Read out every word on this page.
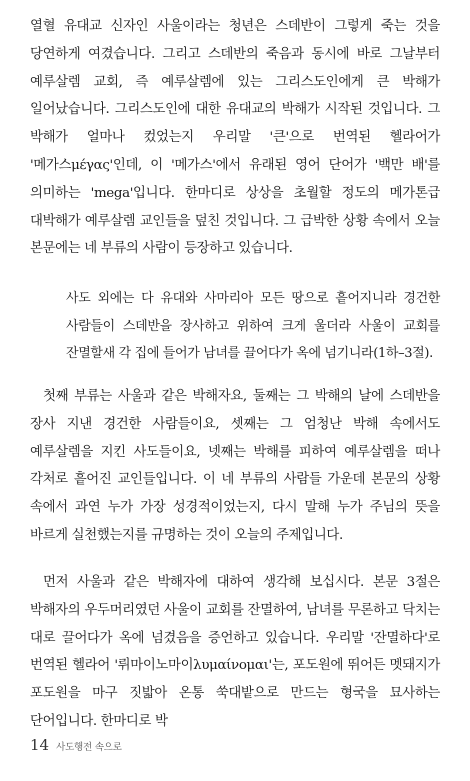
열혈 유대교 신자인 사울이라는 청년은 스데반이 그렇게 죽는 것을 당연하게 여겼습니다. 그리고 스데반의 죽음과 동시에 바로 그날부터 예루살렘 교회, 즉 예루살렘에 있는 그리스도인에게 큰 박해가 일어났습니다. 그리스도인에 대한 유대교의 박해가 시작된 것입니다. 그 박해가 얼마나 컸었는지 우리말 '큰'으로 번역된 헬라어가 '메가스μέγας'인데, 이 '메가스'에서 유래된 영어 단어가 '백만 배'를 의미하는 'mega'입니다. 한마디로 상상을 초월할 정도의 메가톤급 대박해가 예루살렘 교인들을 덮친 것입니다. 그 급박한 상황 속에서 오늘 본문에는 네 부류의 사람이 등장하고 있습니다.

사도 외에는 다 유대와 사마리아 모든 땅으로 흩어지니라 경건한 사람들이 스데반을 장사하고 위하여 크게 울더라 사울이 교회를 잔멸할새 각 집에 들어가 남녀를 끌어다가 옥에 넘기니라(1하–3절).

첫째 부류는 사울과 같은 박해자요, 둘째는 그 박해의 날에 스데반을 장사 지낸 경건한 사람들이요, 셋째는 그 엄청난 박해 속에서도 예루살렘을 지킨 사도들이요, 넷째는 박해를 피하여 예루살렘을 떠나 각처로 흩어진 교인들입니다. 이 네 부류의 사람들 가운데 본문의 상황 속에서 과연 누가 가장 성경적이었는지, 다시 말해 누가 주님의 뜻을 바르게 실천했는지를 규명하는 것이 오늘의 주제입니다.

먼저 사울과 같은 박해자에 대하여 생각해 보십시다. 본문 3절은 박해자의 우두머리였던 사울이 교회를 잔멸하여, 남녀를 무론하고 닥치는 대로 끌어다가 옥에 넘겼음을 증언하고 있습니다. 우리말 '잔멸하다'로 번역된 헬라어 '뤼마이노마이λυμαίνομαι'는, 포도원에 뛰어든 멧돼지가 포도원을 마구 짓밟아 온통 쑥대밭으로 만드는 형국을 묘사하는 단어입니다. 한마디로 박

14 사도행전 속으로
